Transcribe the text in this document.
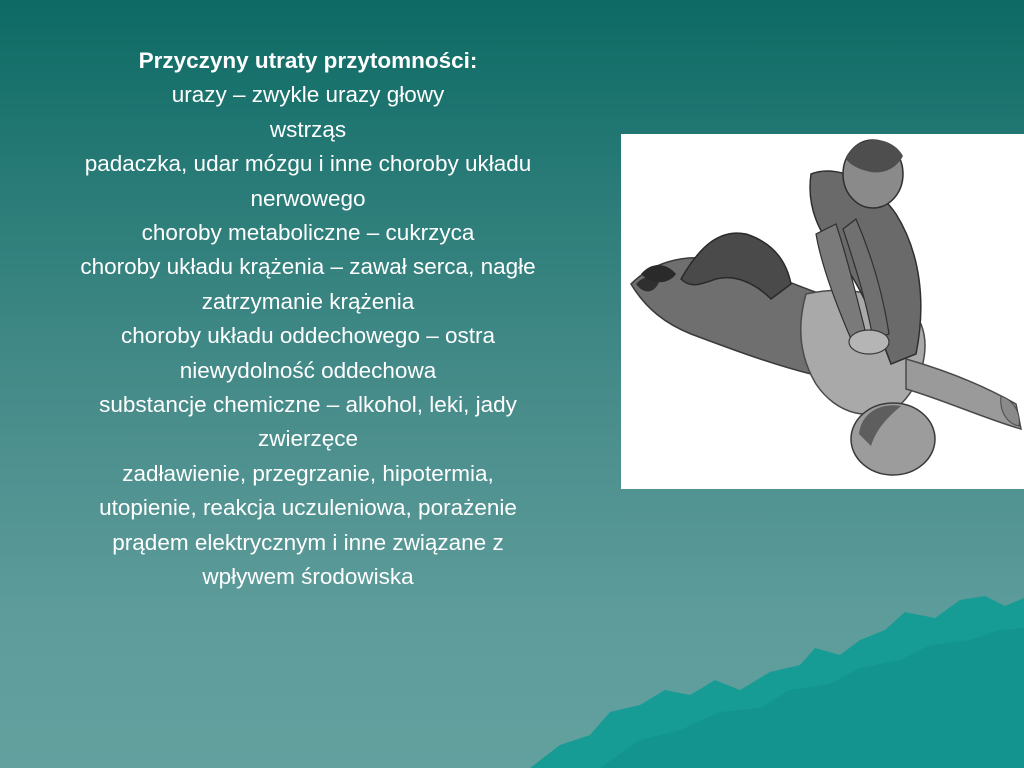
Przyczyny utraty przytomności:
urazy – zwykle urazy głowy
wstrząs
padaczka, udar mózgu i inne choroby układu
nerwowego
choroby metaboliczne – cukrzyca
choroby układu krążenia – zawał serca, nagłe
zatrzymanie krążenia
choroby układu oddechowego – ostra
niewydolność oddechowa
substancje chemiczne – alkohol, leki, jady
zwierzęce
zadławienie, przegrzanie, hipotermia,
utopienie, reakcja uczuleniowa, porażenie
prądem elektrycznym i inne związane z
wpływem środowiska
